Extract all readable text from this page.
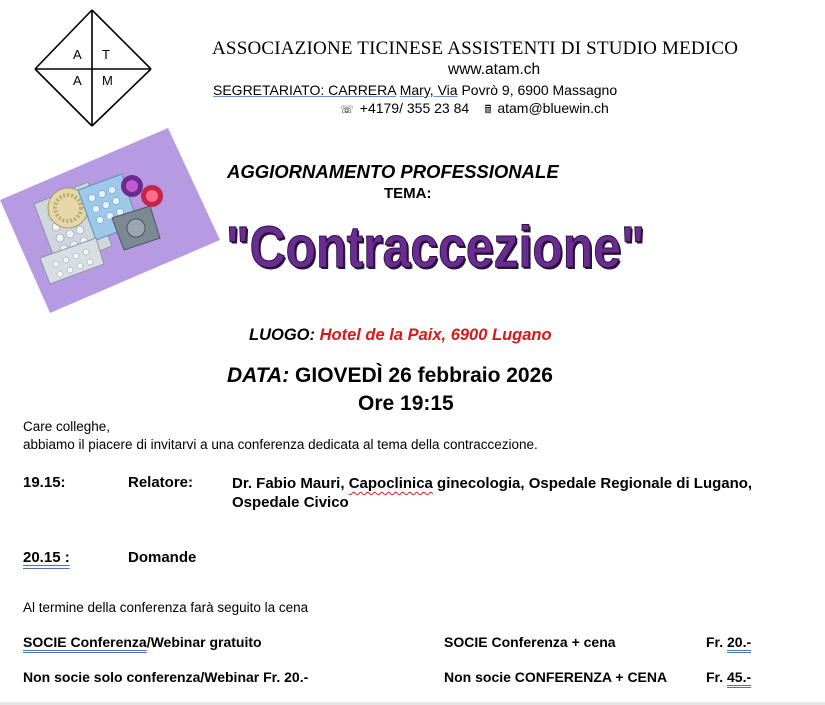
A T
A M
ASSOCIAZIONE TICINESE ASSISTENTI DI STUDIO MEDICO
www.atam.ch
SEGRETARIATO: CARRERA Mary, Via Povrò 9, 6900 Massagno
☏ +4179/ 355 23 84 🖩 atam@bluewin.ch
AGGIORNAMENTO PROFESSIONALE
TEMA:
"Contraccezione"
LUOGO: Hotel de la Paix, 6900 Lugano
DATA: GIOVEDÌ 26 febbraio 2026
Ore 19:15
Care colleghe,
abbiamo il piacere di invitarvi a una conferenza dedicata al tema della contraccezione.
19.15:	Relatore:	Dr. Fabio Mauri, Capoclinica ginecologia, Ospedale Regionale di Lugano,
Ospedale Civico
20.15 :	Domande
Al termine della conferenza farà seguito la cena
SOCIE Conferenza/Webinar gratuito	SOCIE Conferenza + cena	Fr. 20.-
Non socie solo conferenza/Webinar Fr. 20.-	Non socie CONFERENZA + CENA	Fr. 45.-
